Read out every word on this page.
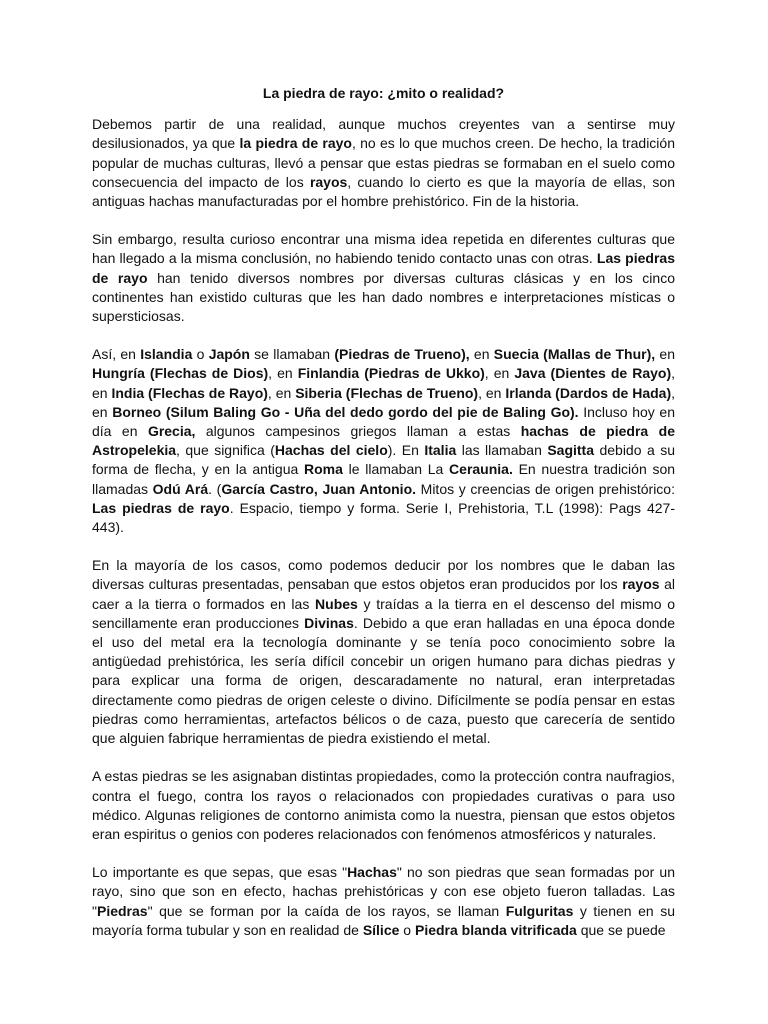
La piedra de rayo: ¿mito o realidad?

Debemos partir de una realidad, aunque muchos creyentes van a sentirse muy desilusionados, ya que la piedra de rayo, no es lo que muchos creen. De hecho, la tradición popular de muchas culturas, llevó a pensar que estas piedras se formaban en el suelo como consecuencia del impacto de los rayos, cuando lo cierto es que la mayoría de ellas, son antiguas hachas manufacturadas por el hombre prehistórico. Fin de la historia.

Sin embargo, resulta curioso encontrar una misma idea repetida en diferentes culturas que han llegado a la misma conclusión, no habiendo tenido contacto unas con otras. Las piedras de rayo han tenido diversos nombres por diversas culturas clásicas y en los cinco continentes han existido culturas que les han dado nombres e interpretaciones místicas o supersticiosas.

Así, en Islandia o Japón se llamaban (Piedras de Trueno), en Suecia (Mallas de Thur), en Hungría (Flechas de Dios), en Finlandia (Piedras de Ukko), en Java (Dientes de Rayo), en India (Flechas de Rayo), en Siberia (Flechas de Trueno), en Irlanda (Dardos de Hada), en Borneo (Silum Baling Go - Uña del dedo gordo del pie de Baling Go). Incluso hoy en día en Grecia, algunos campesinos griegos llaman a estas hachas de piedra de Astropelekia, que significa (Hachas del cielo). En Italia las llamaban Sagitta debido a su forma de flecha, y en la antigua Roma le llamaban La Ceraunia. En nuestra tradición son llamadas Odú Ará. (García Castro, Juan Antonio. Mitos y creencias de origen prehistórico: Las piedras de rayo. Espacio, tiempo y forma. Serie I, Prehistoria, T.L (1998): Pags 427-443).

En la mayoría de los casos, como podemos deducir por los nombres que le daban las diversas culturas presentadas, pensaban que estos objetos eran producidos por los rayos al caer a la tierra o formados en las Nubes y traídas a la tierra en el descenso del mismo o sencillamente eran producciones Divinas. Debido a que eran halladas en una época donde el uso del metal era la tecnología dominante y se tenía poco conocimiento sobre la antigüedad prehistórica, les sería difícil concebir un origen humano para dichas piedras y para explicar una forma de origen, descaradamente no natural, eran interpretadas directamente como piedras de origen celeste o divino. Difícilmente se podía pensar en estas piedras como herramientas, artefactos bélicos o de caza, puesto que carecería de sentido que alguien fabrique herramientas de piedra existiendo el metal.

A estas piedras se les asignaban distintas propiedades, como la protección contra naufragios, contra el fuego, contra los rayos o relacionados con propiedades curativas o para uso médico. Algunas religiones de contorno animista como la nuestra, piensan que estos objetos eran espiritus o genios con poderes relacionados con fenómenos atmosféricos y naturales.

Lo importante es que sepas, que esas "Hachas" no son piedras que sean formadas por un rayo, sino que son en efecto, hachas prehistóricas y con ese objeto fueron talladas. Las "Piedras" que se forman por la caída de los rayos, se llaman Fulguritas y tienen en su mayoría forma tubular y son en realidad de Sílice o Piedra blanda vitrificada que se puede
